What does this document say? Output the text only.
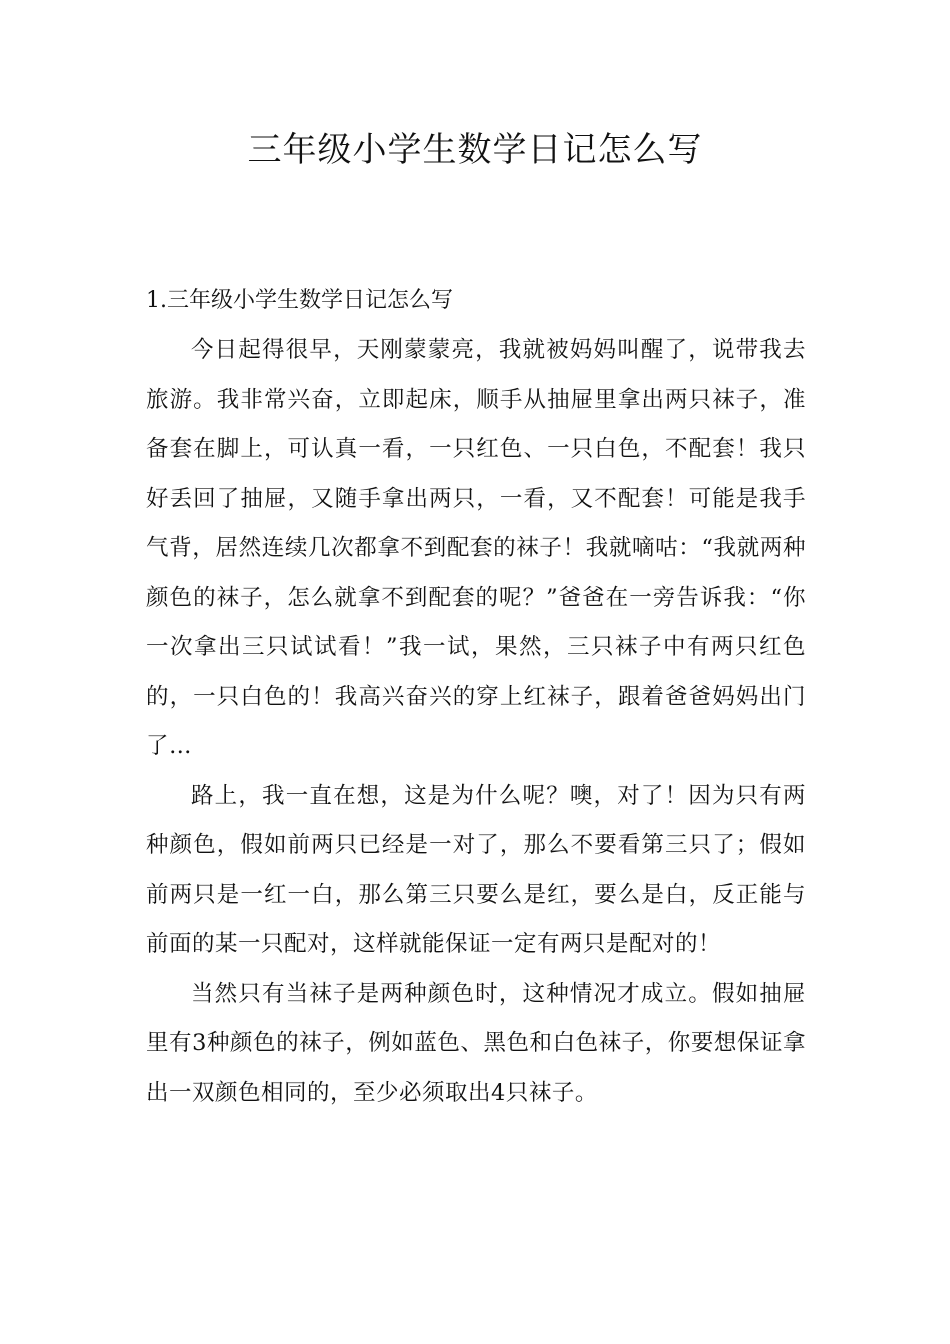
三年级小学生数学日记怎么写
1.三年级小学生数学日记怎么写

今日起得很早，天刚蒙蒙亮，我就被妈妈叫醒了，说带我去旅游。我非常兴奋，立即起床，顺手从抽屉里拿出两只袜子，准备套在脚上，可认真一看，一只红色、一只白色，不配套！我只好丢回了抽屉，又随手拿出两只，一看，又不配套！可能是我手气背，居然连续几次都拿不到配套的袜子！我就嘀咕：“我就两种颜色的袜子，怎么就拿不到配套的呢？”爸爸在一旁告诉我：“你一次拿出三只试试看！”我一试，果然，三只袜子中有两只红色的，一只白色的！我高兴奋兴的穿上红袜子，跟着爸爸妈妈出门了…

路上，我一直在想，这是为什么呢？噢，对了！因为只有两种颜色，假如前两只已经是一对了，那么不要看第三只了；假如前两只是一红一白，那么第三只要么是红，要么是白，反正能与前面的某一只配对，这样就能保证一定有两只是配对的！

当然只有当袜子是两种颜色时，这种情况才成立。假如抽屉里有3种颜色的袜子，例如蓝色、黑色和白色袜子，你要想保证拿出一双颜色相同的，至少必须取出4只袜子。
